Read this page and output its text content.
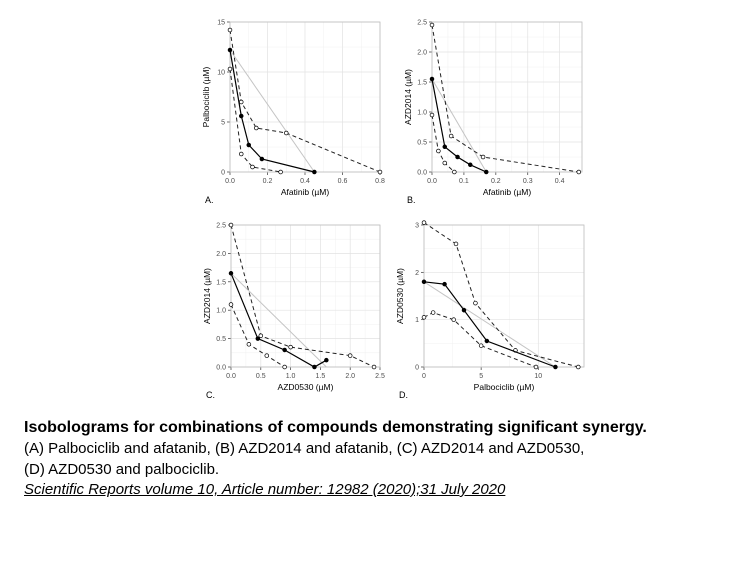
0.0	0.2	0.4	0.6	0.8
0
5
10
15
Afatinib (µM)
Palbociclib (µM)
A.
0.0	0.1	0.2	0.3	0.4
0.0
0.5
1.0
1.5
2.0
2.5
Afatinib (µM)
AZD2014 (µM)
B.
0.0	0.5	1.0	1.5	2.0	2.5
0.0
0.5
1.0
1.5
2.0
2.5
AZD0530 (µM)
AZD2014 (µM)
C.
0	5	10
0
1
2
3
Palbociclib (µM)
AZD0530 (µM)
D.

Isobolograms for combinations of compounds demonstrating significant synergy.

(A) Palbociclib and afatanib, (B) AZD2014 and afatanib, (C) AZD2014 and AZD0530,

(D) AZD0530 and palbociclib.

Scientific Reports volume 10, Article number: 12982 (2020);31 July 2020
